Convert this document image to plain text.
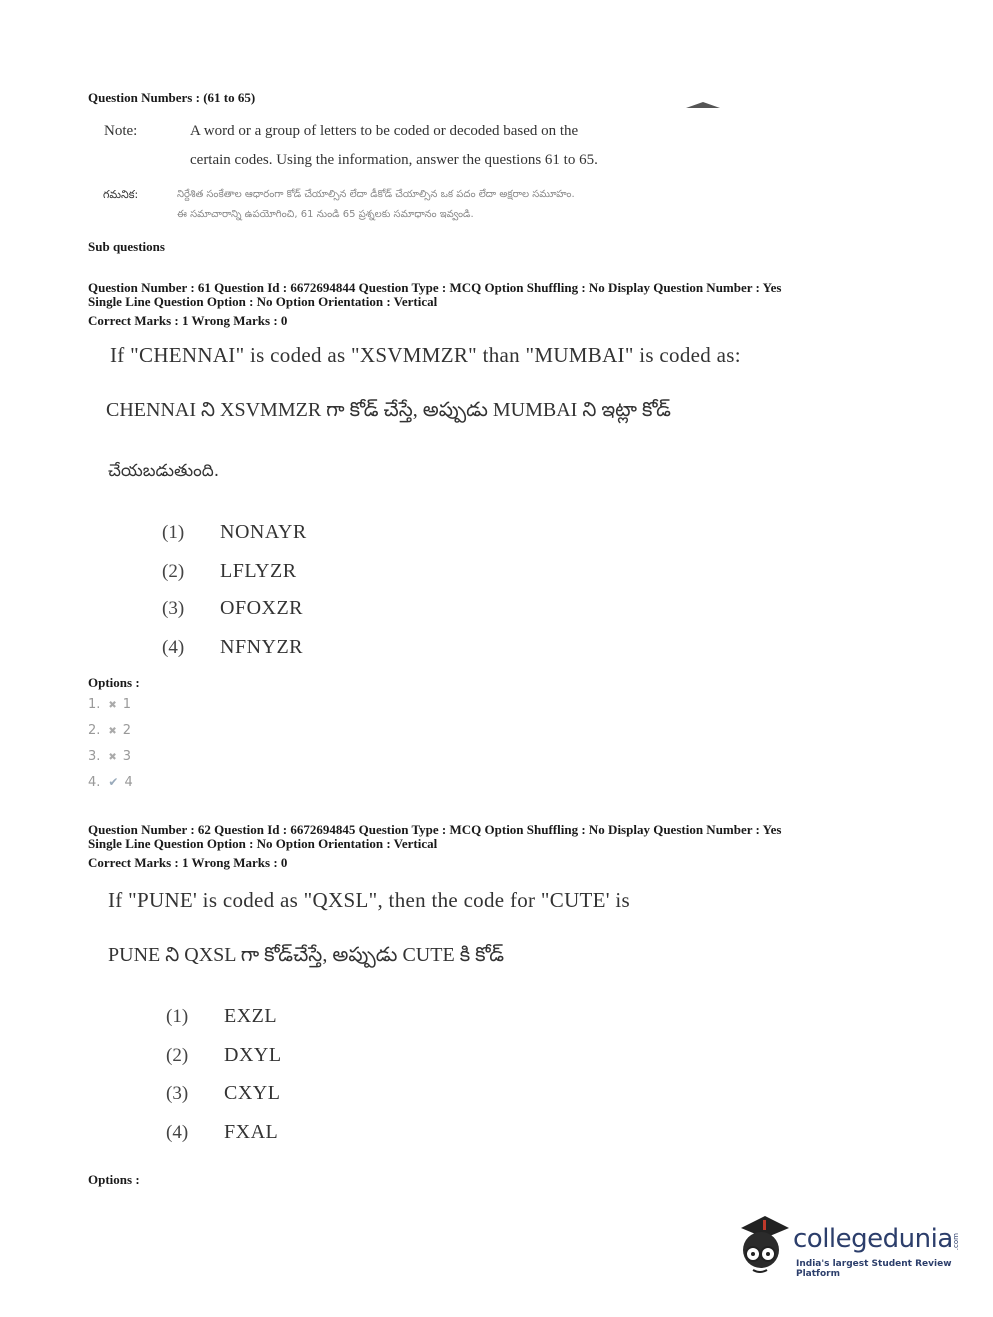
Question Numbers : (61 to 65)
Note:	A word or a group of letters to be coded or decoded based on the
certain codes. Using the information, answer the questions 61 to 65.
గమనిక:	నిర్దేశిత సంకేతాల ఆధారంగా కోడ్ చేయాల్సిన లేదా డీకోడ్ చేయాల్సిన ఒక పదం లేదా అక్షరాల సమూహం.
ఈ సమాచారాన్ని ఉపయోగించి, 61 నుండి 65 ప్రశ్నలకు సమాధానం ఇవ్వండి.
Sub questions
Question Number : 61 Question Id : 6672694844 Question Type : MCQ Option Shuffling : No Display Question Number : Yes
Single Line Question Option : No Option Orientation : Vertical
Correct Marks : 1 Wrong Marks : 0
If "CHENNAI" is coded as "XSVMMZR" than "MUMBAI" is coded as:
CHENNAI ని XSVMMZR గా కోడ్ చేస్తే, అప్పుడు MUMBAI ని ఇట్లా కోడ్
చేయబడుతుంది.
(1) NONAYR
(2) LFLYZR
(3) OFOXZR
(4) NFNYZR
Options :
1. ✖ 1
2. ✖ 2
3. ✖ 3
4. ✔ 4
Question Number : 62 Question Id : 6672694845 Question Type : MCQ Option Shuffling : No Display Question Number : Yes
Single Line Question Option : No Option Orientation : Vertical
Correct Marks : 1 Wrong Marks : 0
If "PUNE' is coded as "QXSL", then the code for "CUTE' is
PUNE ని QXSL గా కోడ్‌చేస్తే, అప్పుడు CUTE కి కోడ్
(1) EXZL
(2) DXYL
(3) CXYL
(4) FXAL
Options :
collegedunia .com
India's largest Student Review Platform
